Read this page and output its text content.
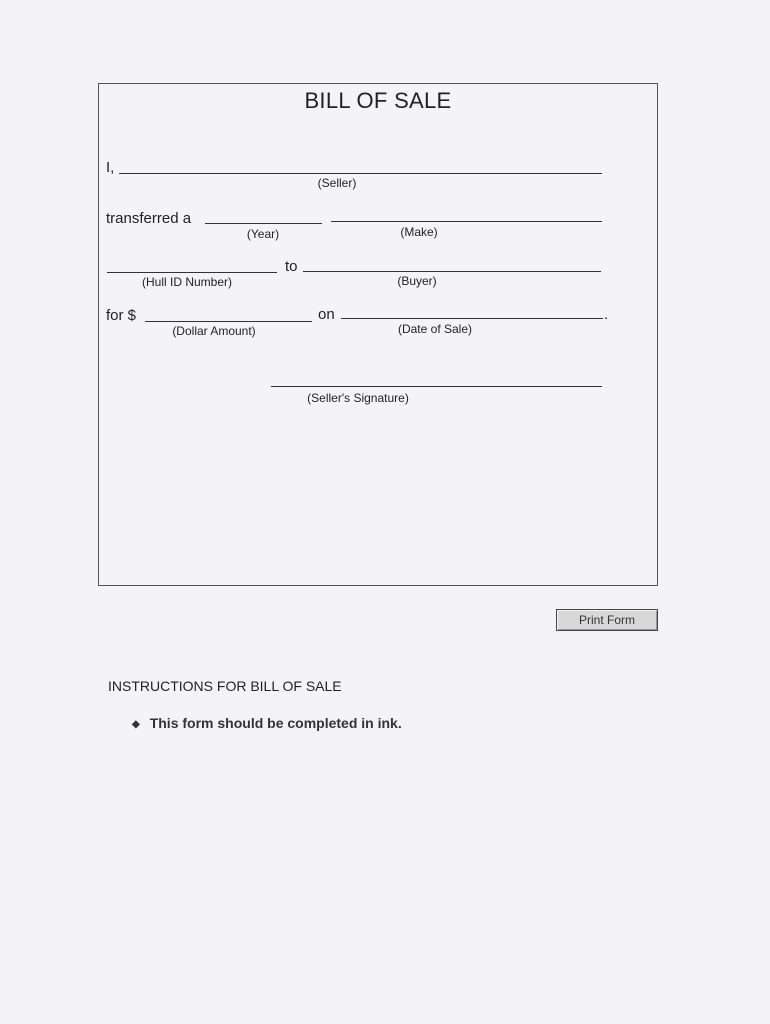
BILL OF SALE
I,
(Seller)
transferred a
(Year)	(Make)
to
(Hull ID Number)	(Buyer)
for $	on	.
(Dollar Amount)	(Date of Sale)
(Seller's Signature)
Print Form
INSTRUCTIONS FOR BILL OF SALE
◆ This form should be completed in ink.
